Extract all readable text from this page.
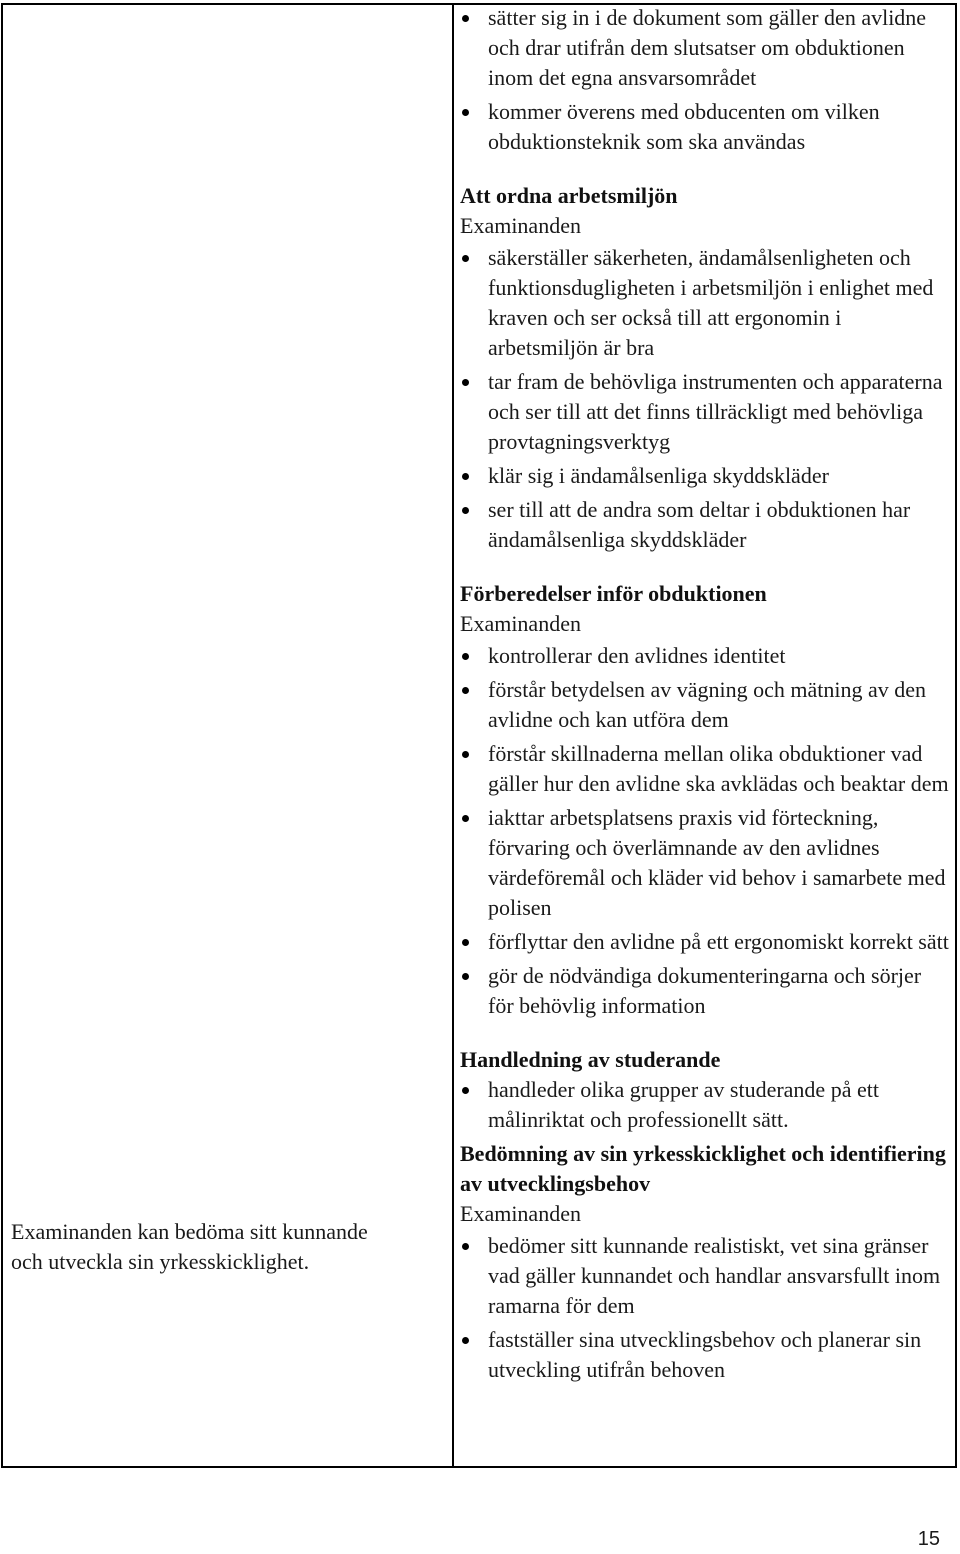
Examinanden kan bedöma sitt kunnande
och utveckla sin yrkesskicklighet.
sätter sig in i de dokument som gäller den avlidne och drar utifrån dem slutsatser om obduktionen inom det egna ansvarsområdet
kommer överens med obducenten om vilken obduktionsteknik som ska användas
Att ordna arbetsmiljön
Examinanden
säkerställer säkerheten, ändamålsenligheten och funktionsdugligheten i arbetsmiljön i enlighet med kraven och ser också till att ergonomin i arbetsmiljön är bra
tar fram de behövliga instrumenten och apparaterna och ser till att det finns tillräckligt med behövliga provtagningsverktyg
klär sig i ändamålsenliga skyddskläder
ser till att de andra som deltar i obduktionen har ändamålsenliga skyddskläder
Förberedelser inför obduktionen
Examinanden
kontrollerar den avlidnes identitet
förstår betydelsen av vägning och mätning av den avlidne och kan utföra dem
förstår skillnaderna mellan olika obduktioner vad gäller hur den avlidne ska avklädas och beaktar dem
iakttar arbetsplatsens praxis vid förteckning, förvaring och överlämnande av den avlidnes värdeföremål och kläder vid behov i samarbete med polisen
förflyttar den avlidne på ett ergonomiskt korrekt sätt
gör de nödvändiga dokumenteringarna och sörjer för behövlig information
Handledning av studerande
handleder olika grupper av studerande på ett målinriktat och professionellt sätt.
Bedömning av sin yrkesskicklighet och identifiering av utvecklingsbehov
Examinanden
bedömer sitt kunnande realistiskt, vet sina gränser vad gäller kunnandet och handlar ansvarsfullt inom ramarna för dem
fastställer sina utvecklingsbehov och planerar sin utveckling utifrån behoven
15
